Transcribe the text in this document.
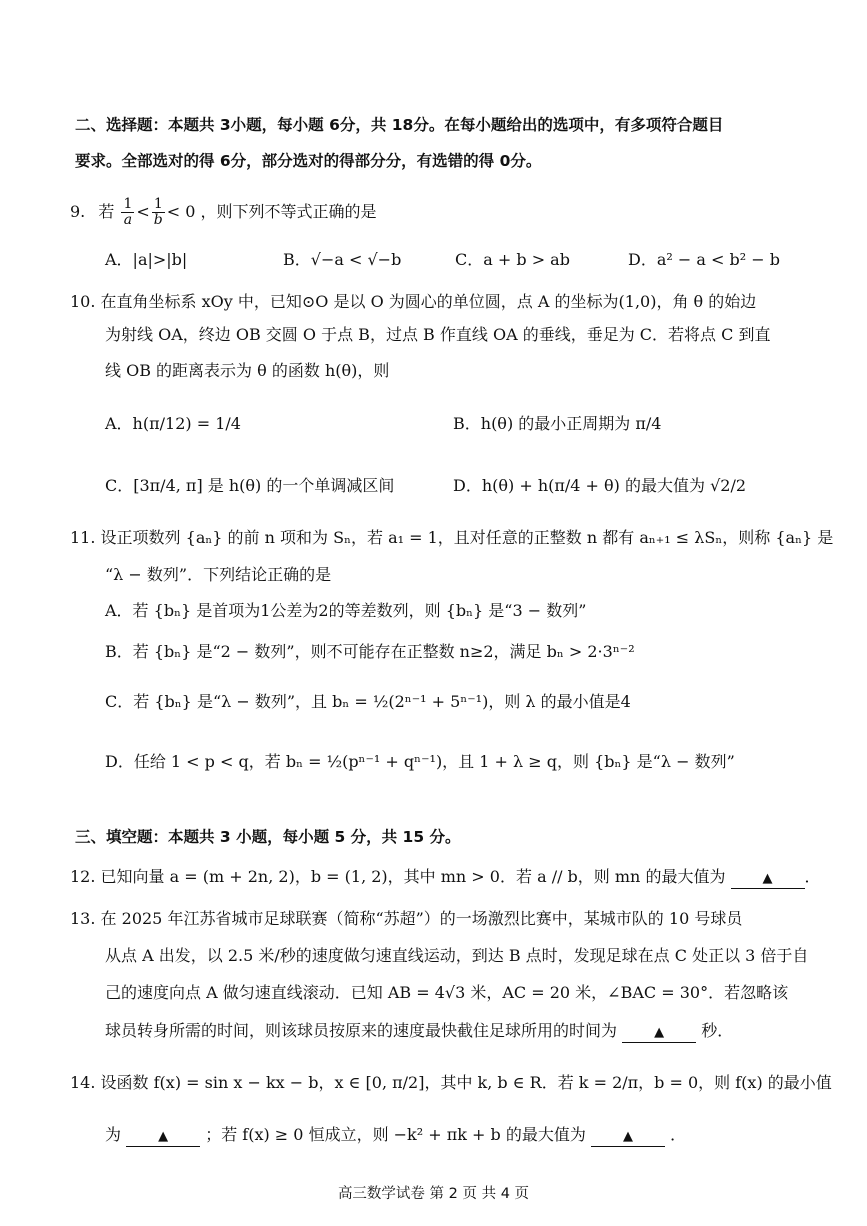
二、选择题：本题共 3小题，每小题 6分，共 18分。在每小题给出的选项中，有多项符合题目
要求。全部选对的得 6分，部分选对的得部分分，有选错的得 0分。
9. 若 $\frac{1}{a} < \frac{1}{b} < 0$ ，则下列不等式正确的是
A．|a|>|b|	B．√−a < √−b	C．a + b > ab	D．a² − a < b² − b
10. 在直角坐标系 xOy 中，已知⊙O 是以 O 为圆心的单位圆，点 A 的坐标为(1,0)，角 θ 的始边
为射线 OA，终边 OB 交圆 O 于点 B，过点 B 作直线 OA 的垂线，垂足为 C．若将点 C 到直
线 OB 的距离表示为 θ 的函数 h(θ)，则
A．h(π/12) = 1/4	B．h(θ) 的最小正周期为 π/4
C．[3π/4, π] 是 h(θ) 的一个单调减区间	D．h(θ) + h(π/4 + θ) 的最大值为 √2/2
11. 设正项数列 {aₙ} 的前 n 项和为 Sₙ，若 a₁ = 1，且对任意的正整数 n 都有 aₙ₊₁ ≤ λSₙ，则称 {aₙ} 是
“λ − 数列”．下列结论正确的是
A．若 {bₙ} 是首项为1公差为2的等差数列，则 {bₙ} 是“3 − 数列”
B．若 {bₙ} 是“2 − 数列”，则不可能存在正整数 n≥2，满足 bₙ > 2·3ⁿ⁻²
C．若 {bₙ} 是“λ − 数列”，且 bₙ = ½(2ⁿ⁻¹ + 5ⁿ⁻¹)，则 λ 的最小值是4
D．任给 1 < p < q，若 bₙ = ½(pⁿ⁻¹ + qⁿ⁻¹)，且 1 + λ ≥ q，则 {bₙ} 是“λ − 数列”
三、填空题：本题共 3 小题，每小题 5 分，共 15 分。
12. 已知向量 a = (m + 2n, 2)，b = (1, 2)，其中 mn > 0．若 a // b，则 mn 的最大值为	▲ ．
13. 在 2025 年江苏省城市足球联赛（简称“苏超”）的一场激烈比赛中，某城市队的 10 号球员
从点 A 出发，以 2.5 米/秒的速度做匀速直线运动，到达 B 点时，发现足球在点 C 处正以 3 倍于自
己的速度向点 A 做匀速直线滚动．已知 AB = 4√3 米，AC = 20 米，∠BAC = 30°．若忽略该
球员转身所需的时间，则该球员按原来的速度最快截住足球所用的时间为	▲ 秒．
14. 设函数 f(x) = sin x − kx − b，x ∈ [0, π/2]，其中 k, b ∈ R．若 k = 2/π，b = 0，则 f(x) 的最小值
为	▲ ；若 f(x) ≥ 0 恒成立，则 −k² + πk + b 的最大值为	▲ ．
高三数学试卷 第 2 页 共 4 页
